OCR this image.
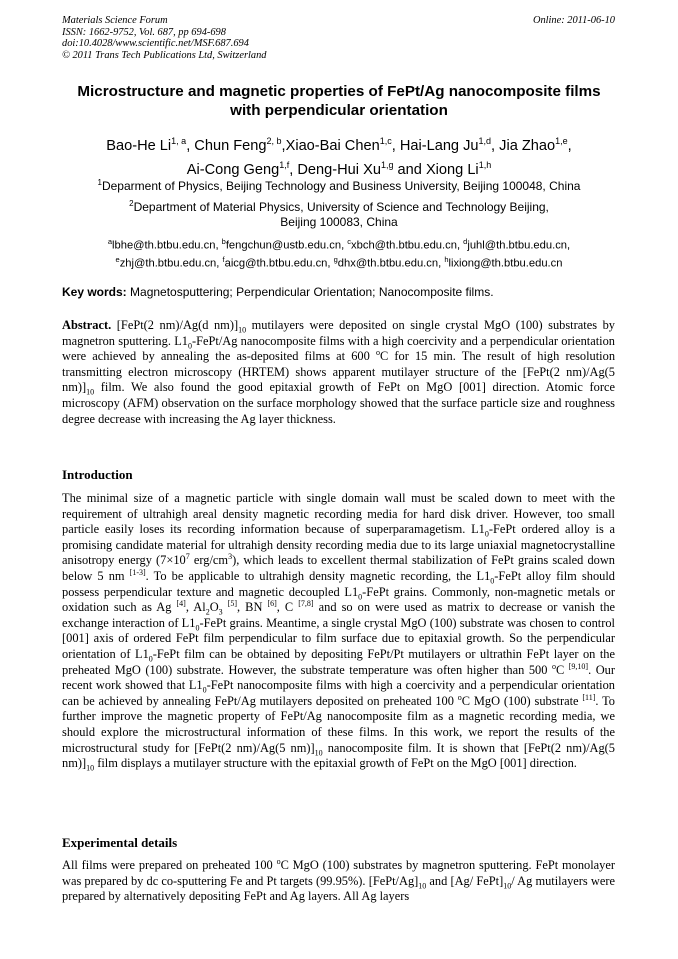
Materials Science Forum
ISSN: 1662-9752, Vol. 687, pp 694-698
doi:10.4028/www.scientific.net/MSF.687.694
© 2011 Trans Tech Publications Ltd, Switzerland
Online: 2011-06-10
Microstructure and magnetic properties of FePt/Ag nanocomposite films
with perpendicular orientation
Bao-He Li$^{1, a}$, Chun Feng$^{2, b}$,Xiao-Bai Chen$^{1,c}$, Hai-Lang Ju$^{1,d}$, Jia Zhao$^{1,e}$,
Ai-Cong Geng$^{1,f}$, Deng-Hui Xu$^{1,g}$ and Xiong Li$^{1,h}$
$^1$Deparment of Physics, Beijing Technology and Business University, Beijing 100048, China
$^2$Department of Material Physics, University of Science and Technology Beijing,
Beijing 100083, China
$^a$lbhe@th.btbu.edu.cn, $^b$fengchun@ustb.edu.cn, $^c$xbch@th.btbu.edu.cn, $^d$juhl@th.btbu.edu.cn,
$^e$zhj@th.btbu.edu.cn, $^f$aicg@th.btbu.edu.cn, $^g$dhx@th.btbu.edu.cn, $^h$lixiong@th.btbu.edu.cn
Key words: Magnetosputtering; Perpendicular Orientation; Nanocomposite films.
Abstract. [FePt(2 nm)/Ag(d $nm)]_{10}$ mutilayers were deposited on single crystal MgO (100) substrates by magnetron sputtering. $L1_0-FePt/Ag$ nanocomposite films with a high coercivity and a perpendicular orientation were achieved by annealing the as-deposited films at 600 $^o$C for 15 min. The result of high resolution transmitting electron microscopy (HRTEM) shows apparent mutilayer structure of the [FePt(2 nm)/Ag(5 $nm)]_{10}$ film. We also found the good epitaxial growth of FePt on MgO [001] direction. Atomic force microscopy (AFM) observation on the surface morphology showed that the surface particle size and roughness degree decrease with increasing the Ag layer thickness.
Introduction
The minimal size of a magnetic particle with single domain wall must be scaled down to meet with the requirement of ultrahigh areal density magnetic recording media for hard disk driver. However, too small particle easily loses its recording information because of superparamagetism. $L1_0$-FePt ordered alloy is a promising candidate material for ultrahigh density recording media due to its large uniaxial magnetocrystalline anisotropy energy ($7\times 10^7$ erg/$cm^3$), which leads to excellent thermal stabilization of FePt grains scaled down below 5 nm [1-3]. To be applicable to ultrahigh density magnetic recording, the $L1_0$-FePt alloy film should possess perpendicular texture and magnetic decoupled $L1_0$-FePt grains. Commonly, non-magnetic metals or oxidation such as Ag [4], $Al_2O_3$ [5], BN [6], C [7,8] and so on were used as matrix to decrease or vanish the exchange interaction of $L1_0$-FePt grains. Meantime, a single crystal MgO (100) substrate was chosen to control [001] axis of ordered FePt film perpendicular to film surface due to epitaxial growth. So the perpendicular orientation of $L1_0$-FePt film can be obtained by depositing FePt/Pt mutilayers or ultrathin FePt layer on the preheated MgO (100) substrate. However, the substrate temperature was often higher than 500 $^o$C [9,10]. Our recent work showed that $L1_0$-FePt nanocomposite films with high a coercivity and a perpendicular orientation can be achieved by annealing FePt/Ag mutilayers deposited on preheated 100 $^o$C MgO (100) substrate [11]. To further improve the magnetic property of FePt/Ag nanocomposite film as a magnetic recording media, we should explore the microstructural information of these films. In this work, we report the results of the microstructural study for [FePt(2 nm)/Ag(5 $nm)]_{10}$ nanocomposite film. It is shown that [FePt(2 nm)/Ag(5 $nm)]_{10}$ film displays a mutilayer structure with the epitaxial growth of FePt on the MgO [001] direction.
Experimental details
All films were prepared on preheated 100 $^o$C MgO (100) substrates by magnetron sputtering. FePt monolayer was prepared by dc co-sputtering Fe and Pt targets (99.95%). $[FePt/Ag]_{10}$ and [Ag/ $FePt]_{10}/$ Ag mutilayers were prepared by alternatively depositing FePt and Ag layers. All Ag layers
